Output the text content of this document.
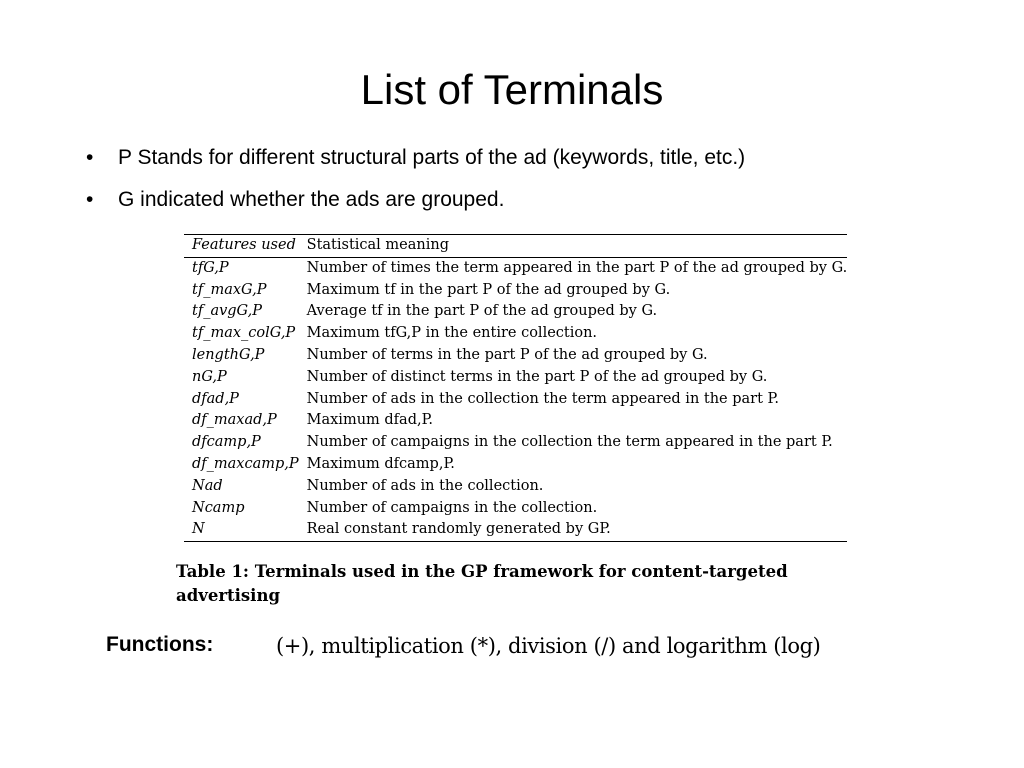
List of Terminals
• P Stands for different structural parts of the ad (keywords, title, etc.)
• G indicated whether the ads are grouped.
Features used	Statistical meaning
tfG,P	Number of times the term appeared in the part P of the ad grouped by G.
tf_maxG,P	Maximum tf in the part P of the ad grouped by G.
tf_avgG,P	Average tf in the part P of the ad grouped by G.
tf_max_colG,P	Maximum tfG,P in the entire collection.
lengthG,P	Number of terms in the part P of the ad grouped by G.
nG,P	Number of distinct terms in the part P of the ad grouped by G.
dfad,P	Number of ads in the collection the term appeared in the part P.
df_maxad,P	Maximum dfad,P.
dfcamp,P	Number of campaigns in the collection the term appeared in the part P.
df_maxcamp,P	Maximum dfcamp,P.
Nad	Number of ads in the collection.
Ncamp	Number of campaigns in the collection.
N	Real constant randomly generated by GP.
Table 1: Terminals used in the GP framework for content-targeted advertising
Functions:	(+), multiplication (*), division (/) and logarithm (log)
